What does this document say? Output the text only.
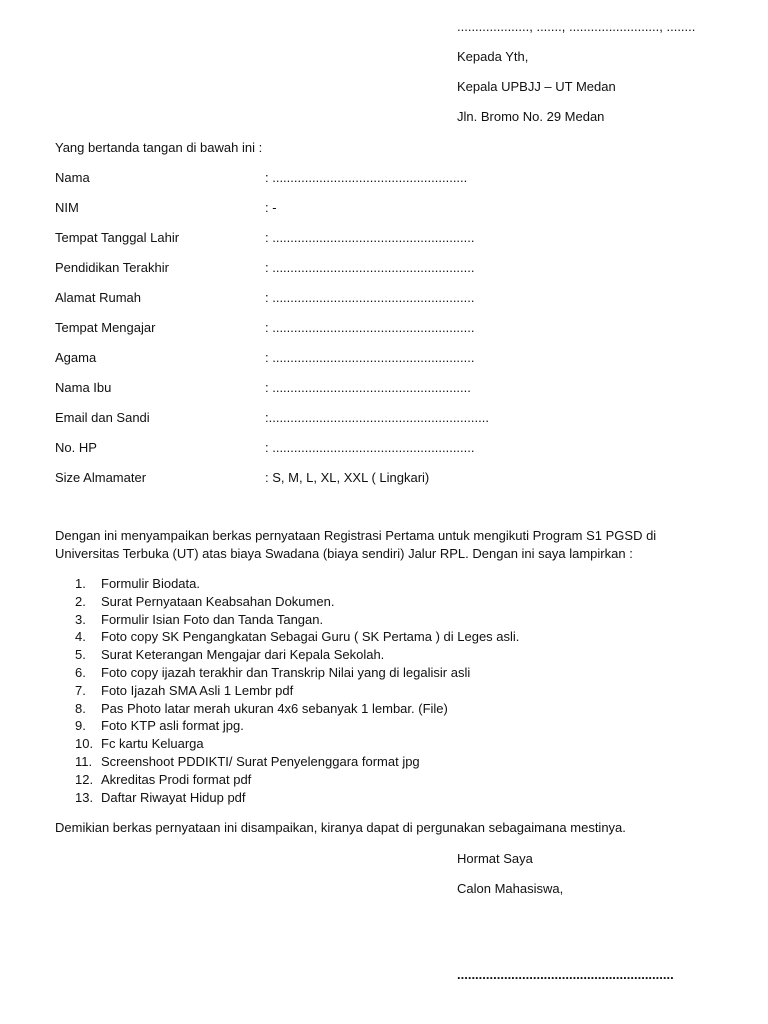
...................., ......., ........................., ........
Kepada Yth,
Kepala UPBJJ – UT Medan
Jln. Bromo No. 29 Medan
Yang bertanda tangan di bawah ini :
Nama	: ......................................................
NIM	: -
Tempat Tanggal Lahir	: ........................................................
Pendidikan Terakhir	: ........................................................
Alamat Rumah	: ........................................................
Tempat Mengajar	: ........................................................
Agama	: ........................................................
Nama Ibu	: .......................................................
Email dan Sandi	:.............................................................
No. HP	: ........................................................
Size Almamater	: S, M, L, XL, XXL ( Lingkari)
Dengan ini menyampaikan berkas pernyataan Registrasi Pertama untuk mengikuti Program S1 PGSD di Universitas Terbuka (UT) atas biaya Swadana (biaya sendiri) Jalur RPL. Dengan ini saya lampirkan :
1. Formulir Biodata.
2. Surat Pernyataan Keabsahan Dokumen.
3. Formulir Isian Foto dan Tanda Tangan.
4. Foto copy SK Pengangkatan Sebagai Guru ( SK Pertama ) di Leges asli.
5. Surat Keterangan Mengajar dari Kepala Sekolah.
6. Foto copy ijazah terakhir dan Transkrip Nilai yang di legalisir asli
7. Foto Ijazah SMA Asli 1 Lembr pdf
8. Pas Photo latar merah ukuran 4x6 sebanyak 1 lembar. (File)
9. Foto KTP asli format jpg.
10. Fc kartu Keluarga
11. Screenshoot PDDIKTI/ Surat Penyelenggara format jpg
12. Akreditas Prodi format pdf
13. Daftar Riwayat Hidup pdf
Demikian berkas pernyataan ini disampaikan, kiranya dapat di pergunakan sebagaimana mestinya.
Hormat Saya
Calon Mahasiswa,
............................................................
